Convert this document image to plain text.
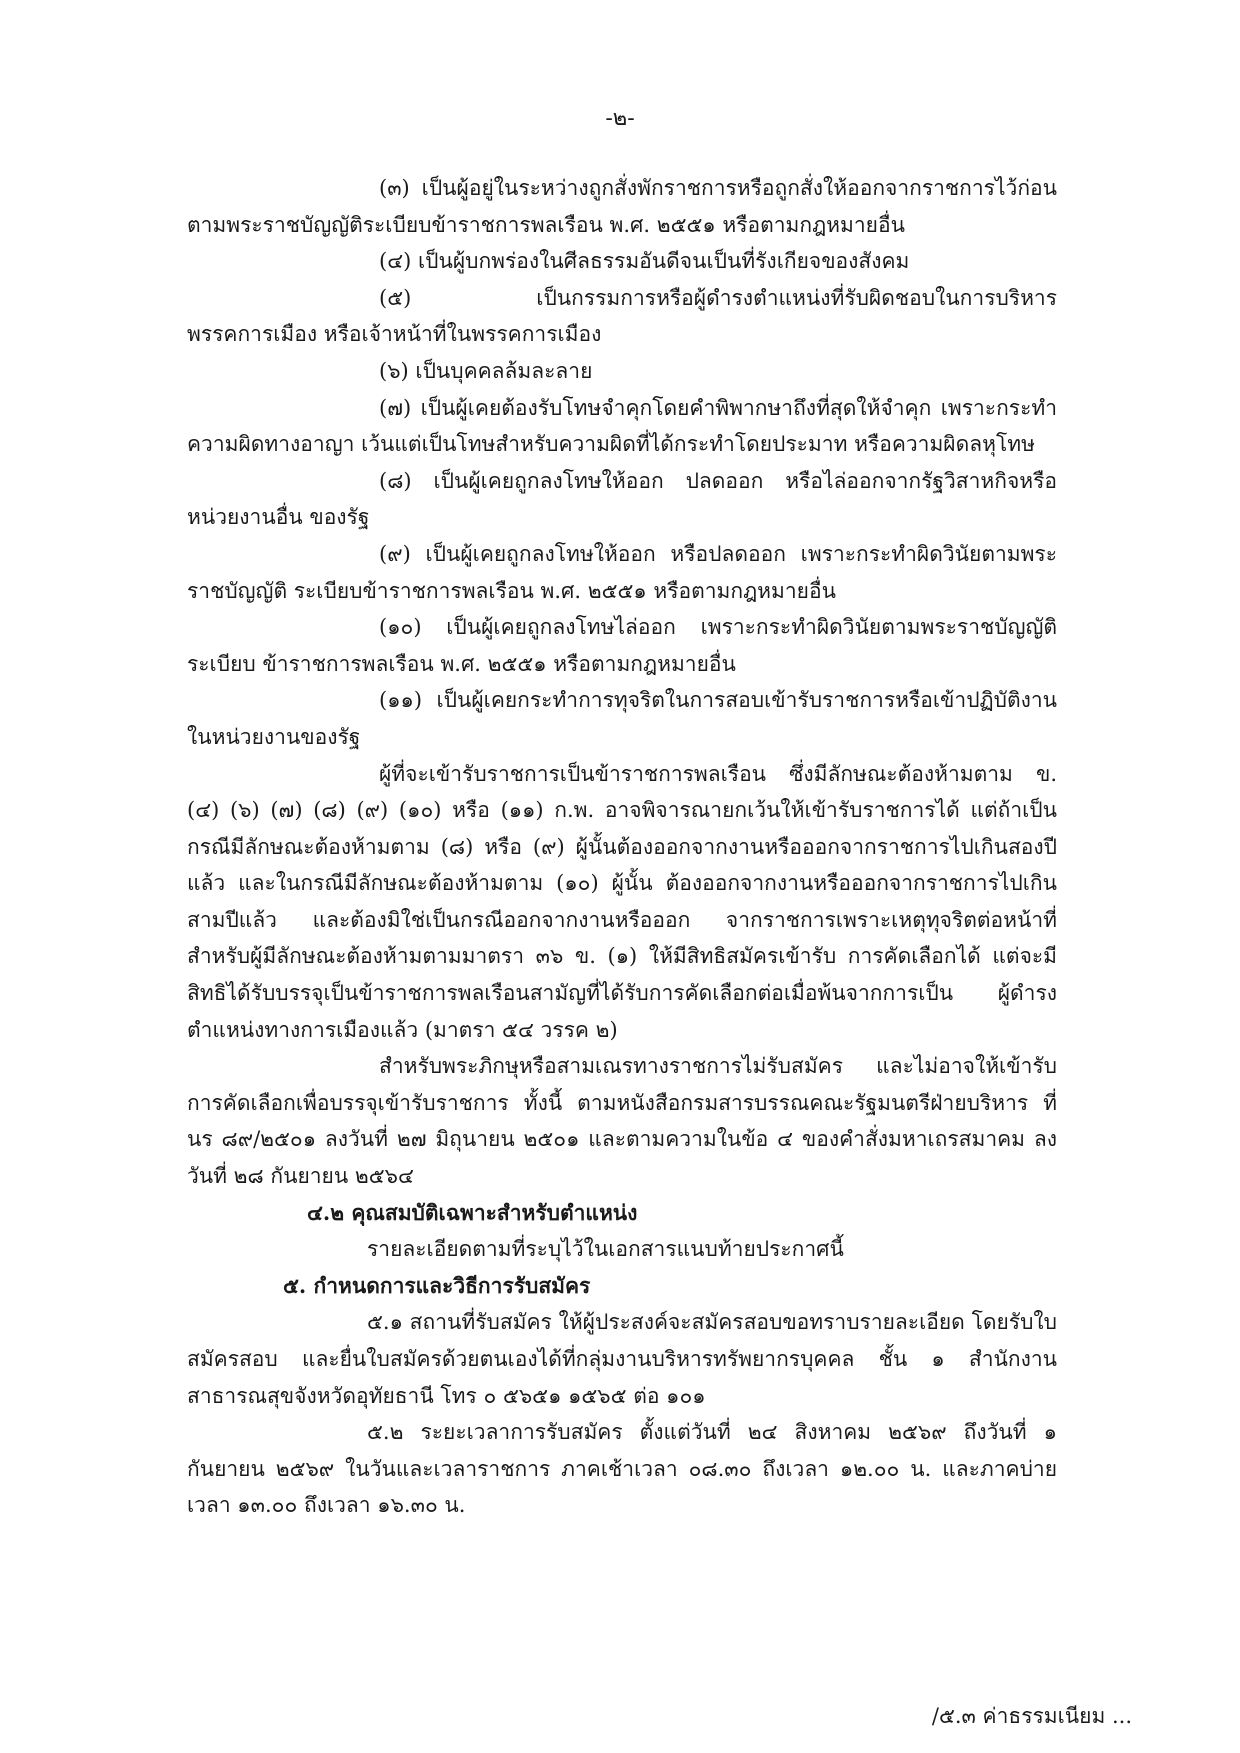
-๒-

(๓) เป็นผู้อยู่ในระหว่างถูกสั่งพักราชการหรือถูกสั่งให้ออกจากราชการไว้ก่อน ตามพระราชบัญญัติระเบียบข้าราชการพลเรือน พ.ศ. ๒๕๕๑ หรือตามกฎหมายอื่น

(๔) เป็นผู้บกพร่องในศีลธรรมอันดีจนเป็นที่รังเกียจของสังคม

(๕) เป็นกรรมการหรือผู้ดำรงตำแหน่งที่รับผิดชอบในการบริหารพรรคการเมือง หรือเจ้าหน้าที่ในพรรคการเมือง

(๖) เป็นบุคคลล้มละลาย

(๗) เป็นผู้เคยต้องรับโทษจำคุกโดยคำพิพากษาถึงที่สุดให้จำคุก เพราะกระทำความผิดทางอาญา เว้นแต่เป็นโทษสำหรับความผิดที่ได้กระทำโดยประมาท หรือความผิดลหุโทษ

(๘) เป็นผู้เคยถูกลงโทษให้ออก ปลดออก หรือไล่ออกจากรัฐวิสาหกิจหรือหน่วยงานอื่น ของรัฐ

(๙) เป็นผู้เคยถูกลงโทษให้ออก หรือปลดออก เพราะกระทำผิดวินัยตามพระราชบัญญัติ ระเบียบข้าราชการพลเรือน พ.ศ. ๒๕๕๑ หรือตามกฎหมายอื่น

(๑๐) เป็นผู้เคยถูกลงโทษไล่ออก เพราะกระทำผิดวินัยตามพระราชบัญญัติระเบียบ ข้าราชการพลเรือน พ.ศ. ๒๕๕๑ หรือตามกฎหมายอื่น

(๑๑) เป็นผู้เคยกระทำการทุจริตในการสอบเข้ารับราชการหรือเข้าปฏิบัติงานในหน่วยงานของรัฐ

ผู้ที่จะเข้ารับราชการเป็นข้าราชการพลเรือน ซึ่งมีลักษณะต้องห้ามตาม ข. (๔) (๖) (๗) (๘) (๙) (๑๐) หรือ (๑๑) ก.พ. อาจพิจารณายกเว้นให้เข้ารับราชการได้ แต่ถ้าเป็นกรณีมีลักษณะต้องห้ามตาม (๘) หรือ (๙) ผู้นั้นต้องออกจากงานหรือออกจากราชการไปเกินสองปีแล้ว และในกรณีมีลักษณะต้องห้ามตาม (๑๐) ผู้นั้น ต้องออกจากงานหรือออกจากราชการไปเกินสามปีแล้ว และต้องมิใช่เป็นกรณีออกจากงานหรือออก จากราชการเพราะเหตุทุจริตต่อหน้าที่ สำหรับผู้มีลักษณะต้องห้ามตามมาตรา ๓๖ ข. (๑) ให้มีสิทธิสมัครเข้ารับ การคัดเลือกได้ แต่จะมีสิทธิได้รับบรรจุเป็นข้าราชการพลเรือนสามัญที่ได้รับการคัดเลือกต่อเมื่อพ้นจากการเป็น ผู้ดำรงตำแหน่งทางการเมืองแล้ว (มาตรา ๕๔ วรรค ๒)

สำหรับพระภิกษุหรือสามเณรทางราชการไม่รับสมัคร และไม่อาจให้เข้ารับ การคัดเลือกเพื่อบรรจุเข้ารับราชการ ทั้งนี้ ตามหนังสือกรมสารบรรณคณะรัฐมนตรีฝ่ายบริหาร ที่ นร ๘๙/๒๕๐๑ ลงวันที่ ๒๗ มิถุนายน ๒๕๐๑ และตามความในข้อ ๔ ของคำสั่งมหาเถรสมาคม ลงวันที่ ๒๘ กันยายน ๒๕๖๔

๔.๒ คุณสมบัติเฉพาะสำหรับตำแหน่ง

รายละเอียดตามที่ระบุไว้ในเอกสารแนบท้ายประกาศนี้

๕. กำหนดการและวิธีการรับสมัคร

๕.๑ สถานที่รับสมัคร ให้ผู้ประสงค์จะสมัครสอบขอทราบรายละเอียด โดยรับใบสมัครสอบ และยื่นใบสมัครด้วยตนเองได้ที่กลุ่มงานบริหารทรัพยากรบุคคล ชั้น ๑ สำนักงานสาธารณสุขจังหวัดอุทัยธานี โทร ๐ ๕๖๕๑ ๑๕๖๕ ต่อ ๑๐๑

๕.๒ ระยะเวลาการรับสมัคร ตั้งแต่วันที่ ๒๔ สิงหาคม ๒๕๖๙ ถึงวันที่ ๑ กันยายน ๒๕๖๙ ในวันและเวลาราชการ ภาคเช้าเวลา ๐๘.๓๐ ถึงเวลา ๑๒.๐๐ น. และภาคบ่ายเวลา ๑๓.๐๐ ถึงเวลา ๑๖.๓๐ น.

/๕.๓ ค่าธรรมเนียม ...
